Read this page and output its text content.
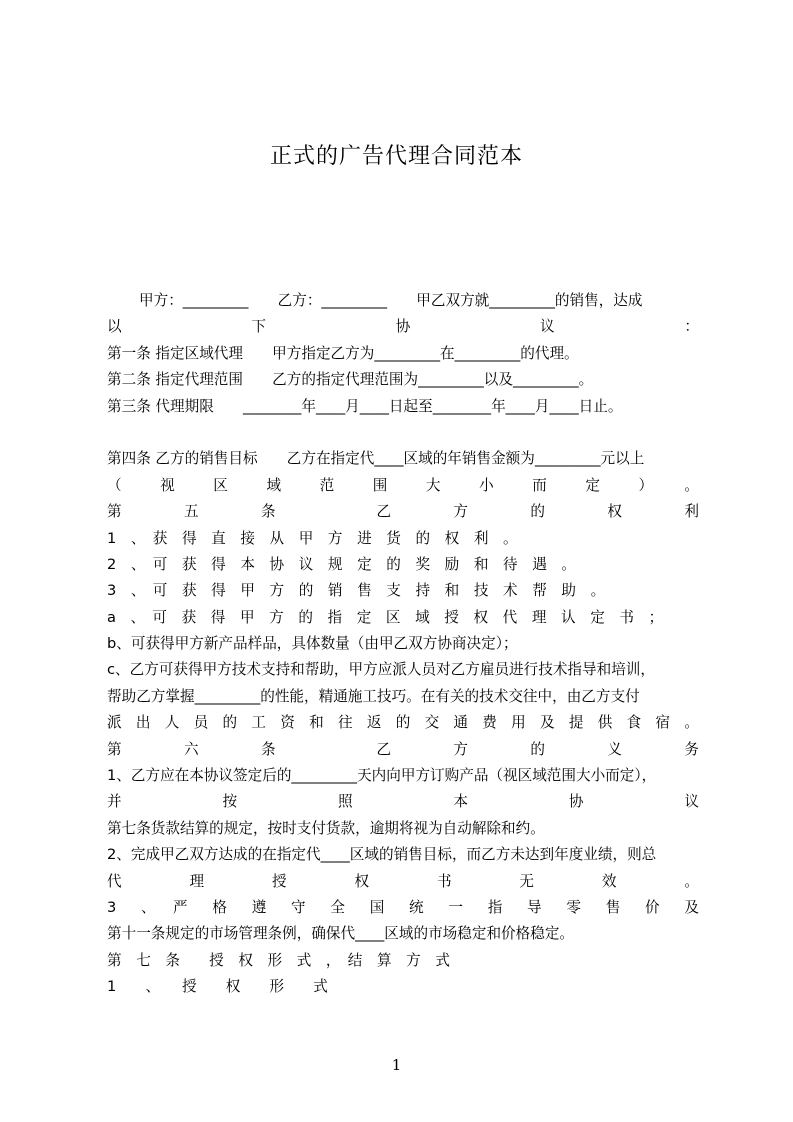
正式的广告代理合同范本
甲方：_________　　乙方：_________　　甲乙双方就_________的销售，达成
以　　　　下　　　　协　　　　议　　　　：
第一条 指定区域代理　　甲方指定乙方为_________在_________的代理。
第二条 指定代理范围　　乙方的指定代理范围为_________以及_________。
第三条 代理期限　　________年____月____日起至________年____月____日止。
第四条 乙方的销售目标　　乙方在指定代____区域的年销售金额为_________元以上
（　视　区　域　范　围　大　小　而　定　）　。
第　五　条　　乙　方　的　权　利
1　、　获　得　直　接　从　甲　方　进　货　的　权　利　。
2　、　可　获　得　本　协　议　规　定　的　奖　励　和　待　遇　。
3　、　可　获　得　甲　方　的　销　售　支　持　和　技　术　帮　助　。
a　、　可　获　得　甲　方　的　指　定　区　域　授　权　代　理　认　定　书　；
b、可获得甲方新产品样品，具体数量（由甲乙双方协商决定）；
c、乙方可获得甲方技术支持和帮助，甲方应派人员对乙方雇员进行技术指导和培训，
帮助乙方掌握_________的性能，精通施工技巧。在有关的技术交往中，由乙方支付
派出人员的工资和往返的交通费用及提供食宿。
第　六　条　　乙　方　的　义　务
1、乙方应在本协议签定后的_________天内向甲方订购产品（视区域范围大小而定），
并　　按　　照　　本　　协　　议
第七条货款结算的规定，按时支付货款，逾期将视为自动解除和约。
2、完成甲乙双方达成的在指定代____区域的销售目标，而乙方未达到年度业绩，则总
代　　理　　授　　权　　书　　无　　效　　。
3　、　严　格　遵　守　全　国　统　一　指　导　零　售　价　及
第十一条规定的市场管理条例，确保代____区域的市场稳定和价格稳定。
第　七　条　　授　权　形　式　，　结　算　方　式
1　　、　　授　　权　　形　　式
1
